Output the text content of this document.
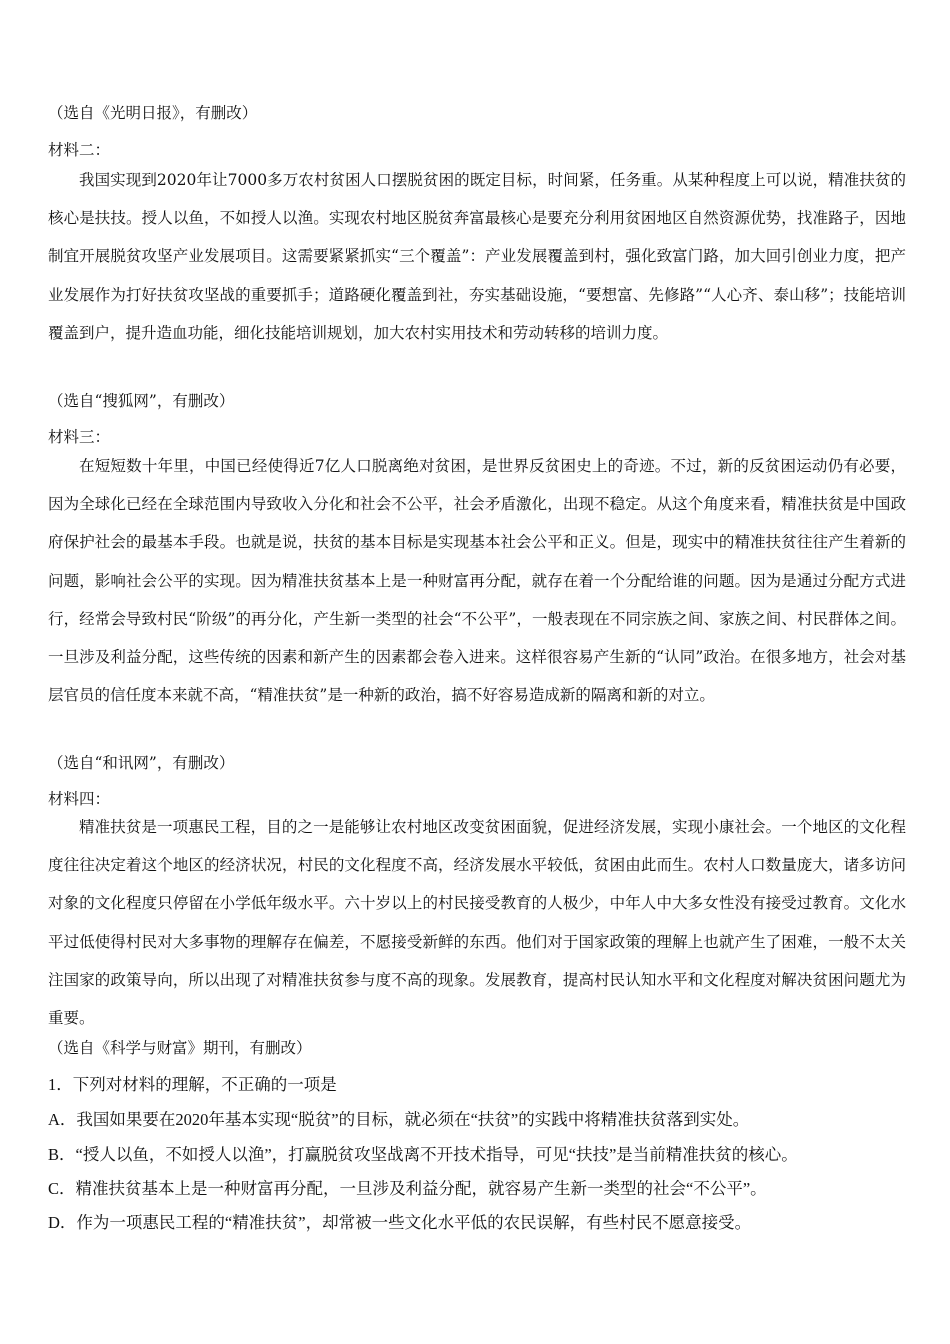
（选自《光明日报》，有删改）
材料二：

我国实现到2020年让7000多万农村贫困人口摆脱贫困的既定目标，时间紧，任务重。从某种程度上可以说，精准扶贫的核心是扶技。授人以鱼，不如授人以渔。实现农村地区脱贫奔富最核心是要充分利用贫困地区自然资源优势，找准路子，因地制宜开展脱贫攻坚产业发展项目。这需要紧紧抓实“三个覆盖”：产业发展覆盖到村，强化致富门路，加大回引创业力度，把产业发展作为打好扶贫攻坚战的重要抓手；道路硬化覆盖到社，夯实基础设施，“要想富、先修路”“人心齐、泰山移”；技能培训覆盖到户，提升造血功能，细化技能培训规划，加大农村实用技术和劳动转移的培训力度。

（选自“搜狐网”，有删改）
材料三：

在短短数十年里，中国已经使得近7亿人口脱离绝对贫困，是世界反贫困史上的奇迹。不过，新的反贫困运动仍有必要，因为全球化已经在全球范围内导致收入分化和社会不公平，社会矛盾激化，出现不稳定。从这个角度来看，精准扶贫是中国政府保护社会的最基本手段。也就是说，扶贫的基本目标是实现基本社会公平和正义。但是，现实中的精准扶贫往往产生着新的问题，影响社会公平的实现。因为精准扶贫基本上是一种财富再分配，就存在着一个分配给谁的问题。因为是通过分配方式进行，经常会导致村民“阶级”的再分化，产生新一类型的社会“不公平”，一般表现在不同宗族之间、家族之间、村民群体之间。一旦涉及利益分配，这些传统的因素和新产生的因素都会卷入进来。这样很容易产生新的“认同”政治。在很多地方，社会对基层官员的信任度本来就不高，“精准扶贫”是一种新的政治，搞不好容易造成新的隔离和新的对立。

（选自“和讯网”，有删改）
材料四：

精准扶贫是一项惠民工程，目的之一是能够让农村地区改变贫困面貌，促进经济发展，实现小康社会。一个地区的文化程度往往决定着这个地区的经济状况，村民的文化程度不高，经济发展水平较低，贫困由此而生。农村人口数量庞大，诸多访问对象的文化程度只停留在小学低年级水平。六十岁以上的村民接受教育的人极少，中年人中大多女性没有接受过教育。文化水平过低使得村民对大多事物的理解存在偏差，不愿接受新鲜的东西。他们对于国家政策的理解上也就产生了困难，一般不太关注国家的政策导向，所以出现了对精准扶贫参与度不高的现象。发展教育，提高村民认知水平和文化程度对解决贫困问题尤为重要。

（选自《科学与财富》期刊，有删改）
1．下列对材料的理解，不正确的一项是
A．我国如果要在2020年基本实现“脱贫”的目标，就必须在“扶贫”的实践中将精准扶贫落到实处。
B．“授人以鱼，不如授人以渔”，打赢脱贫攻坚战离不开技术指导，可见“扶技”是当前精准扶贫的核心。
C．精准扶贫基本上是一种财富再分配，一旦涉及利益分配，就容易产生新一类型的社会“不公平”。
D．作为一项惠民工程的“精准扶贫”，却常被一些文化水平低的农民误解，有些村民不愿意接受。
